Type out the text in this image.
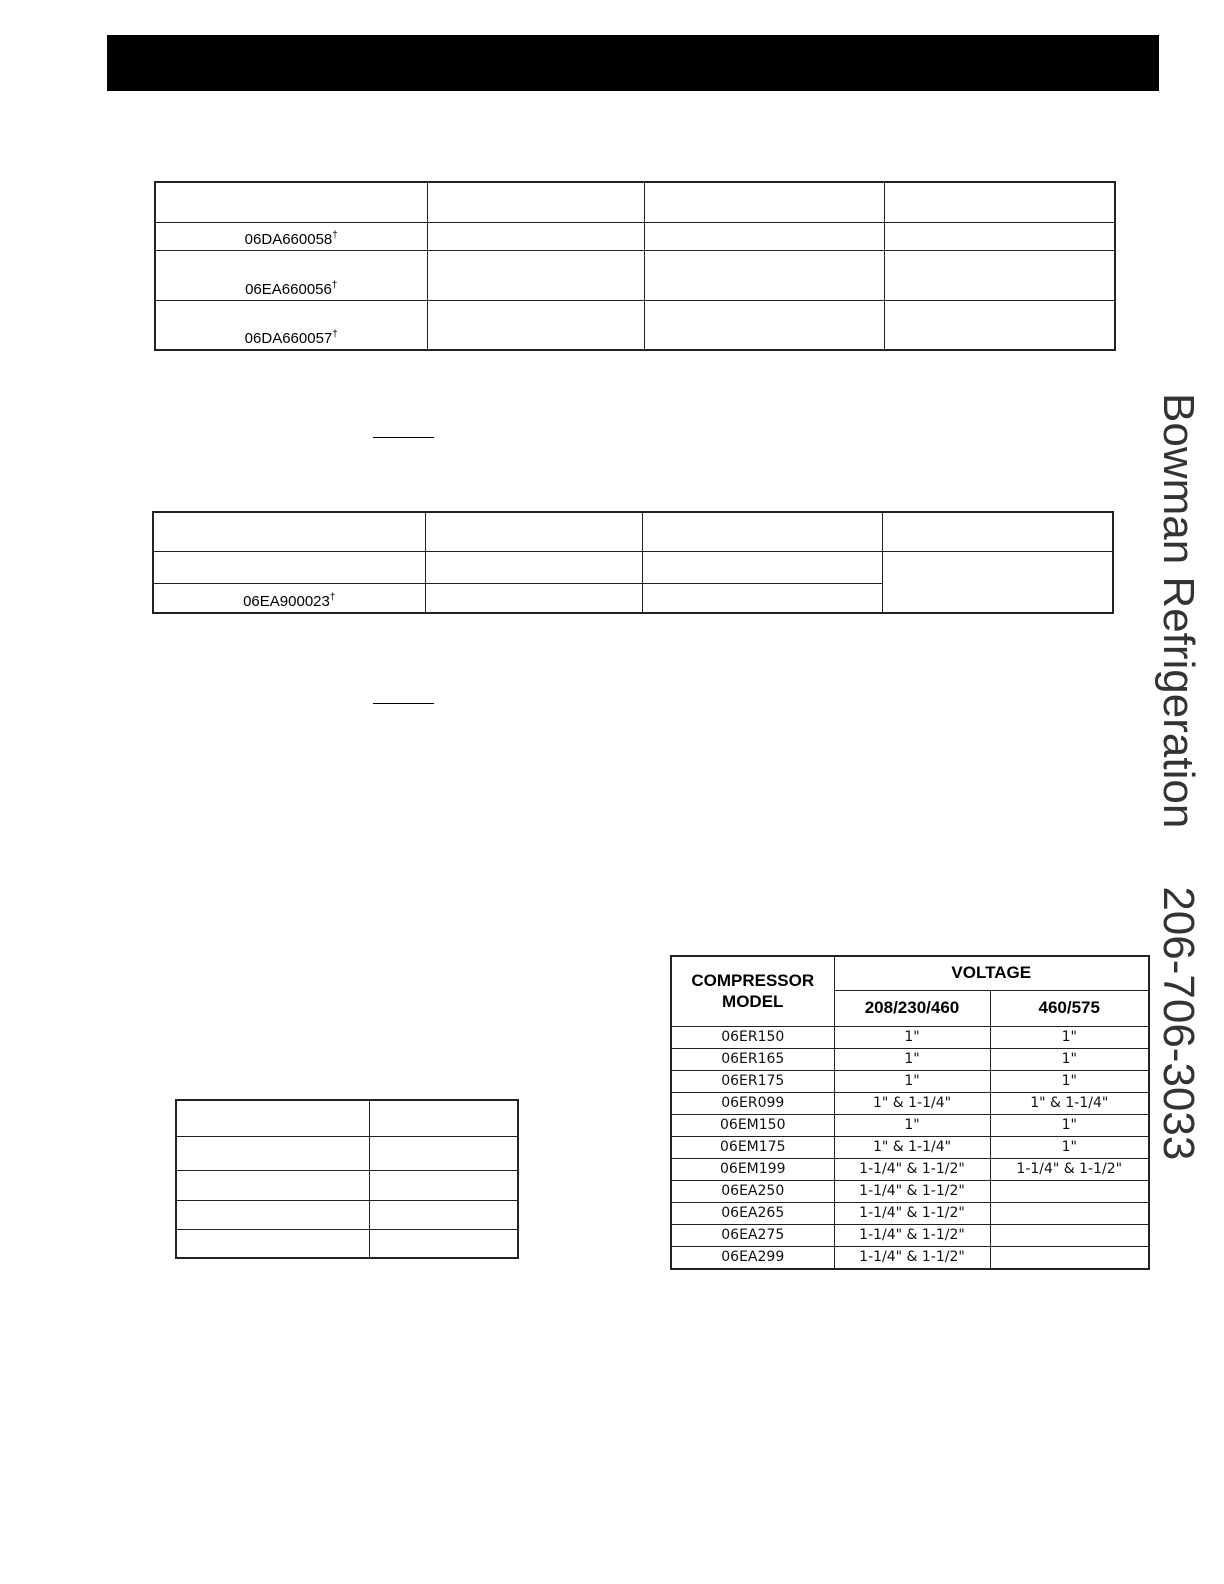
06DA660058†			
06EA660056†			
06DA660057†			

06EA900023†		

COMPRESSOR
MODEL	VOLTAGE	
	208/230/460	460/575
06ER150	1"	1"
06ER165	1"	1"
06ER175	1"	1"
06ER099	1" & 1-1/4"	1" & 1-1/4"
06EM150	1"	1"
06EM175	1" & 1-1/4"	1"
06EM199	1-1/4" & 1-1/2"	1-1/4" & 1-1/2"
06EA250	1-1/4" & 1-1/2"	
06EA265	1-1/4" & 1-1/2"	
06EA275	1-1/4" & 1-1/2"	
06EA299	1-1/4" & 1-1/2"	
Bowman Refrigeration206-706-3033
